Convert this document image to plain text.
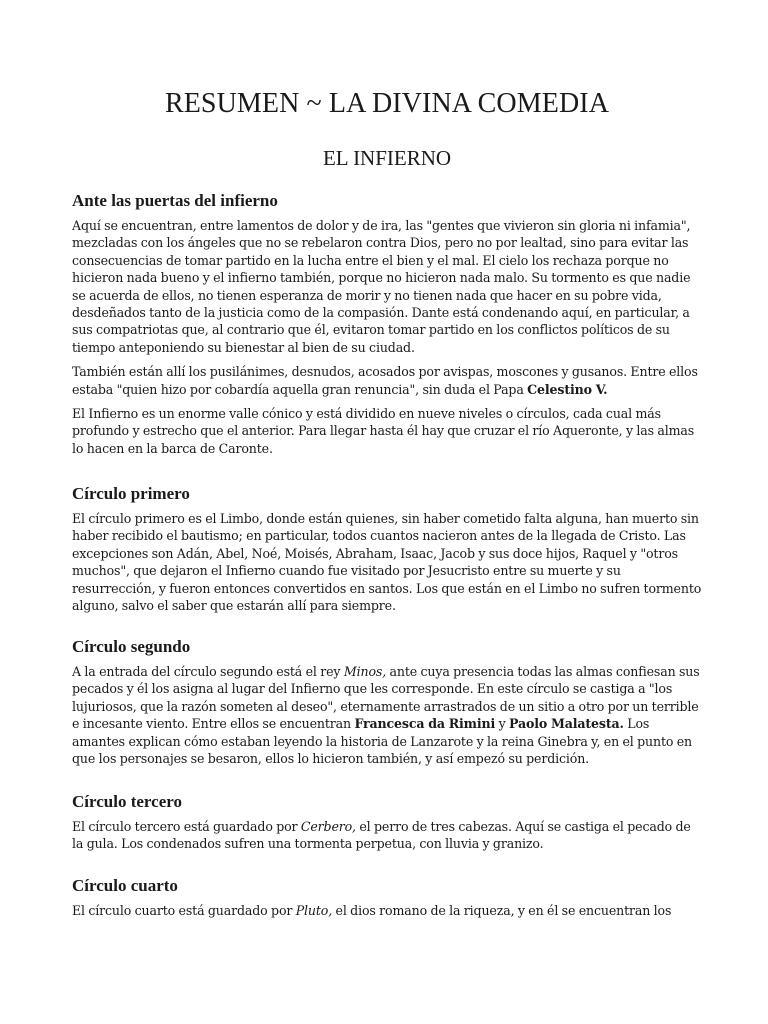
RESUMEN ~ LA DIVINA COMEDIA
EL INFIERNO
Ante las puertas del infierno

Aquí se encuentran, entre lamentos de dolor y de ira, las "gentes que vivieron sin gloria ni infamia", mezcladas con los ángeles que no se rebelaron contra Dios, pero no por lealtad, sino para evitar las consecuencias de tomar partido en la lucha entre el bien y el mal. El cielo los rechaza porque no hicieron nada bueno y el infierno también, porque no hicieron nada malo. Su tormento es que nadie se acuerda de ellos, no tienen esperanza de morir y no tienen nada que hacer en su pobre vida, desdeñados tanto de la justicia como de la compasión. Dante está condenando aquí, en particular, a sus compatriotas que, al contrario que él, evitaron tomar partido en los conflictos políticos de su tiempo anteponiendo su bienestar al bien de su ciudad.

También están allí los pusilánimes, desnudos, acosados por avispas, moscones y gusanos. Entre ellos estaba "quien hizo por cobardía aquella gran renuncia", sin duda el Papa Celestino V.

El Infierno es un enorme valle cónico y está dividido en nueve niveles o círculos, cada cual más profundo y estrecho que el anterior. Para llegar hasta él hay que cruzar el río Aqueronte, y las almas lo hacen en la barca de Caronte.

Círculo primero

El círculo primero es el Limbo, donde están quienes, sin haber cometido falta alguna, han muerto sin haber recibido el bautismo; en particular, todos cuantos nacieron antes de la llegada de Cristo. Las excepciones son Adán, Abel, Noé, Moisés, Abraham, Isaac, Jacob y sus doce hijos, Raquel y "otros muchos", que dejaron el Infierno cuando fue visitado por Jesucristo entre su muerte y su resurrección, y fueron entonces convertidos en santos. Los que están en el Limbo no sufren tormento alguno, salvo el saber que estarán allí para siempre.

Círculo segundo

A la entrada del círculo segundo está el rey Minos, ante cuya presencia todas las almas confiesan sus pecados y él los asigna al lugar del Infierno que les corresponde. En este círculo se castiga a "los lujuriosos, que la razón someten al deseo", eternamente arrastrados de un sitio a otro por un terrible e incesante viento. Entre ellos se encuentran Francesca da Rimini y Paolo Malatesta. Los amantes explican cómo estaban leyendo la historia de Lanzarote y la reina Ginebra y, en el punto en que los personajes se besaron, ellos lo hicieron también, y así empezó su perdición.

Círculo tercero

El círculo tercero está guardado por Cerbero, el perro de tres cabezas. Aquí se castiga el pecado de la gula. Los condenados sufren una tormenta perpetua, con lluvia y granizo.

Círculo cuarto

El círculo cuarto está guardado por Pluto, el dios romano de la riqueza, y en él se encuentran los
